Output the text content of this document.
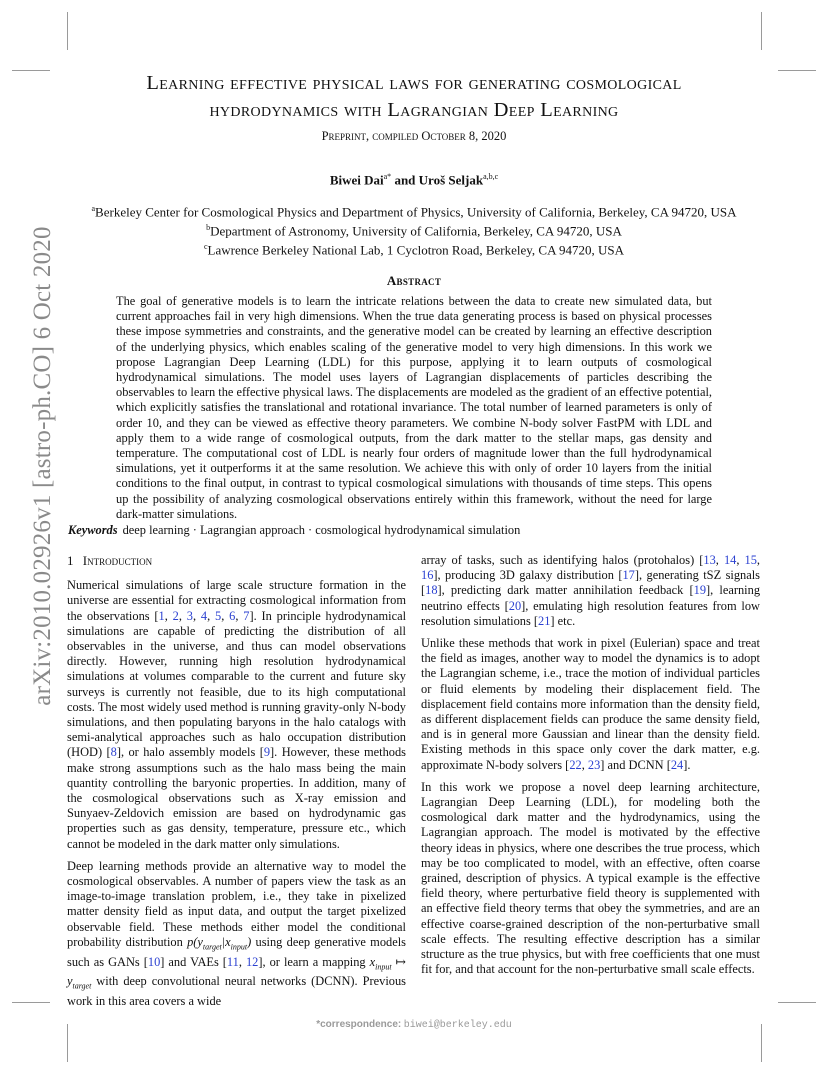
arXiv:2010.02926v1 [astro-ph.CO] 6 Oct 2020
Learning effective physical laws for generating cosmological
hydrodynamics with Lagrangian Deep Learning
Preprint, compiled October 8, 2020
Biwei Dai$^{a*}$ and Uroš Seljak$^{a,b,c}$
$^a$Berkeley Center for Cosmological Physics and Department of Physics, University of California, Berkeley, CA 94720, USA
$^b$Department of Astronomy, University of California, Berkeley, CA 94720, USA
$^c$Lawrence Berkeley National Lab, 1 Cyclotron Road, Berkeley, CA 94720, USA
Abstract

The goal of generative models is to learn the intricate relations between the data to create new simulated data, but current approaches fail in very high dimensions. When the true data generating process is based on physical processes these impose symmetries and constraints, and the generative model can be created by learning an effective description of the underlying physics, which enables scaling of the generative model to very high dimensions. In this work we propose Lagrangian Deep Learning (LDL) for this purpose, applying it to learn outputs of cosmological hydrodynamical simulations. The model uses layers of Lagrangian displacements of particles describing the observables to learn the effective physical laws. The displacements are modeled as the gradient of an effective potential, which explicitly satisfies the translational and rotational invariance. The total number of learned parameters is only of order 10, and they can be viewed as effective theory parameters. We combine N-body solver FastPM with LDL and apply them to a wide range of cosmological outputs, from the dark matter to the stellar maps, gas density and temperature. The computational cost of LDL is nearly four orders of magnitude lower than the full hydrodynamical simulations, yet it outperforms it at the same resolution. We achieve this with only of order 10 layers from the initial conditions to the final output, in contrast to typical cosmological simulations with thousands of time steps. This opens up the possibility of analyzing cosmological observations entirely within this framework, without the need for large dark-matter simulations.

Keywords deep learning · Lagrangian approach · cosmological hydrodynamical simulation
1 Introduction

Numerical simulations of large scale structure formation in the universe are essential for extracting cosmological information from the observations [1, 2, 3, 4, 5, 6, 7]. In principle hydrodynamical simulations are capable of predicting the distribution of all observables in the universe, and thus can model observations directly. However, running high resolution hydrodynamical simulations at volumes comparable to the current and future sky surveys is currently not feasible, due to its high computational costs. The most widely used method is running gravity-only N-body simulations, and then populating baryons in the halo catalogs with semi-analytical approaches such as halo occupation distribution (HOD) [8], or halo assembly models [9]. However, these methods make strong assumptions such as the halo mass being the main quantity controlling the baryonic properties. In addition, many of the cosmological observations such as X-ray emission and Sunyaev-Zeldovich emission are based on hydrodynamic gas properties such as gas density, temperature, pressure etc., which cannot be modeled in the dark matter only simulations.

Deep learning methods provide an alternative way to model the cosmological observables. A number of papers view the task as an image-to-image translation problem, i.e., they take in pixelized matter density field as input data, and output the target pixelized observable field. These methods either model the conditional probability distribution $p(y_{target}|x_{input})$ using deep generative models such as GANs [10] and VAEs [11, 12], or learn a mapping $x_{input}$ ↦ $y_{target}$ with deep convolutional neural networks (DCNN). Previous work in this area covers a wide

array of tasks, such as identifying halos (protohalos) [13, 14, 15, 16], producing 3D galaxy distribution [17], generating tSZ signals [18], predicting dark matter annihilation feedback [19], learning neutrino effects [20], emulating high resolution features from low resolution simulations [21] etc.

Unlike these methods that work in pixel (Eulerian) space and treat the field as images, another way to model the dynamics is to adopt the Lagrangian scheme, i.e., trace the motion of individual particles or fluid elements by modeling their displacement field. The displacement field contains more information than the density field, as different displacement fields can produce the same density field, and is in general more Gaussian and linear than the density field. Existing methods in this space only cover the dark matter, e.g. approximate N-body solvers [22, 23] and DCNN [24].

In this work we propose a novel deep learning architecture, Lagrangian Deep Learning (LDL), for modeling both the cosmological dark matter and the hydrodynamics, using the Lagrangian approach. The model is motivated by the effective theory ideas in physics, where one describes the true process, which may be too complicated to model, with an effective, often coarse grained, description of physics. A typical example is the effective field theory, where perturbative field theory is supplemented with an effective field theory terms that obey the symmetries, and are an effective coarse-grained description of the non-perturbative small scale effects. The resulting effective description has a similar structure as the true physics, but with free coefficients that one must fit for, and that account for the non-perturbative small scale effects.

*correspondence: biwei@berkeley.edu
